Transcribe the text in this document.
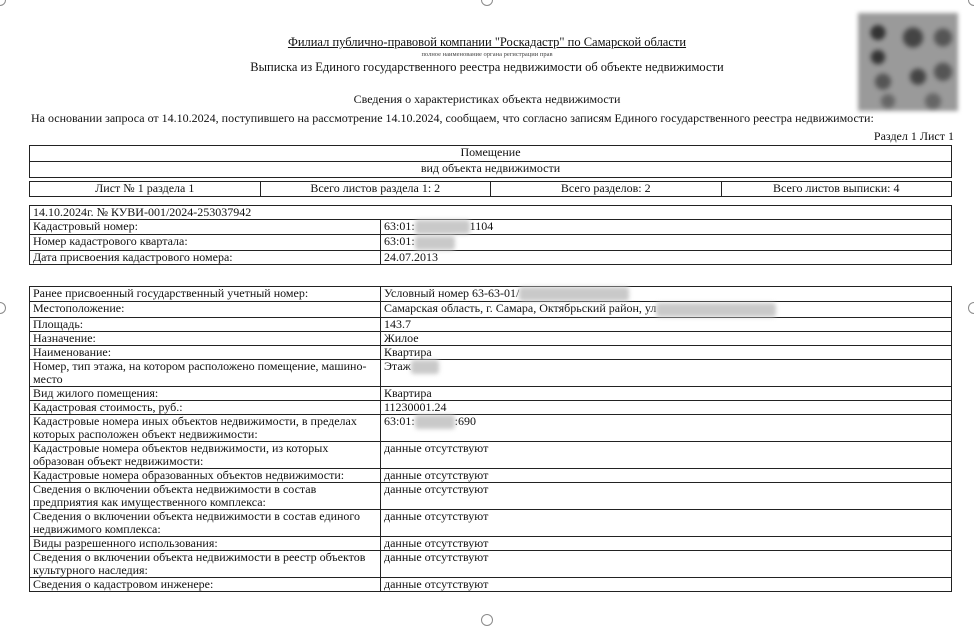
Филиал публично-правовой компании "Роскадастр" по Самарской области
полное наименование органа регистрации прав
Выписка из Единого государственного реестра недвижимости об объекте недвижимости
Сведения о характеристиках объекта недвижимости
На основании запроса от 14.10.2024, поступившего на рассмотрение 14.10.2024, сообщаем, что согласно записям Единого государственного реестра недвижимости:
Раздел 1 Лист 1
Помещение
вид объекта недвижимости
Лист № 1 раздела 1	Всего листов раздела 1: 2	Всего разделов: 2	Всего листов выписки: 4
14.10.2024г. № КУВИ-001/2024-253037942	
Кадастровый номер:	63:01: 1104
Номер кадастрового квартала:	63:01:
Дата присвоения кадастрового номера:	24.07.2013
Ранее присвоенный государственный учетный номер:	Условный номер 63-63-01/
Местоположение:	Самарская область, г. Самара, Октябрьский район, ул
Площадь:	143.7
Назначение:	Жилое
Наименование:	Квартира
Номер, тип этажа, на котором расположено помещение, машино-место	Этаж
Вид жилого помещения:	Квартира
Кадастровая стоимость, руб.:	11230001.24
Кадастровые номера иных объектов недвижимости, в пределах которых расположен объект недвижимости:	63:01: :690
Кадастровые номера объектов недвижимости, из которых образован объект недвижимости:	данные отсутствуют
Кадастровые номера образованных объектов недвижимости:	данные отсутствуют
Сведения о включении объекта недвижимости в состав предприятия как имущественного комплекса:	данные отсутствуют
Сведения о включении объекта недвижимости в состав единого недвижимого комплекса:	данные отсутствуют
Виды разрешенного использования:	данные отсутствуют
Сведения о включении объекта недвижимости в реестр объектов культурного наследия:	данные отсутствуют
Сведения о кадастровом инженере:	данные отсутствуют
